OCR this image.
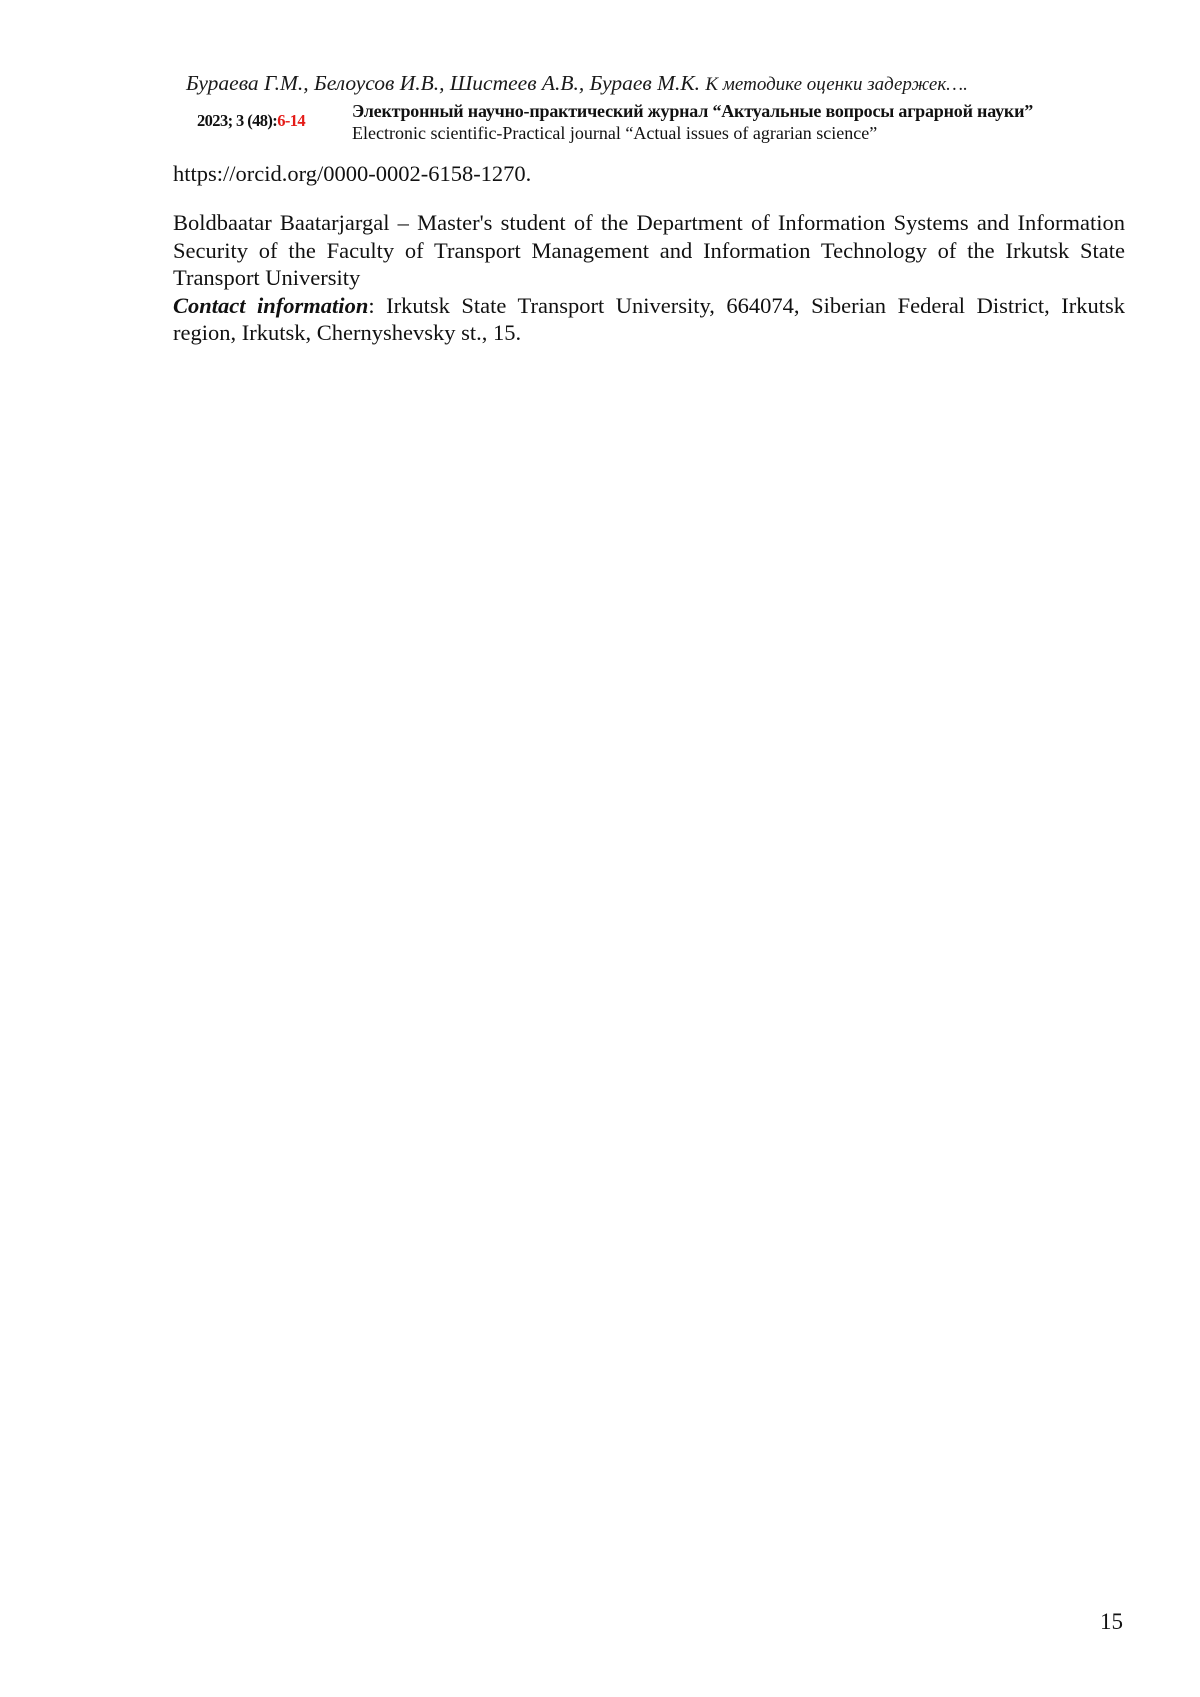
Бураева Г.М., Белоусов И.В., Шистеев А.В., Бураев М.К. К методике оценки задержек….
2023; 3 (48):6-14	Электронный научно-практический журнал “Актуальные вопросы аграрной науки”
Electronic scientific-Practical journal “Actual issues of agrarian science”
https://orcid.org/0000-0002-6158-1270.

Boldbaatar Baatarjargal – Master's student of the Department of Information Systems and Information Security of the Faculty of Transport Management and Information Technology of the Irkutsk State Transport University

Contact information: Irkutsk State Transport University, 664074, Siberian Federal District, Irkutsk region, Irkutsk, Chernyshevsky st., 15.

15
